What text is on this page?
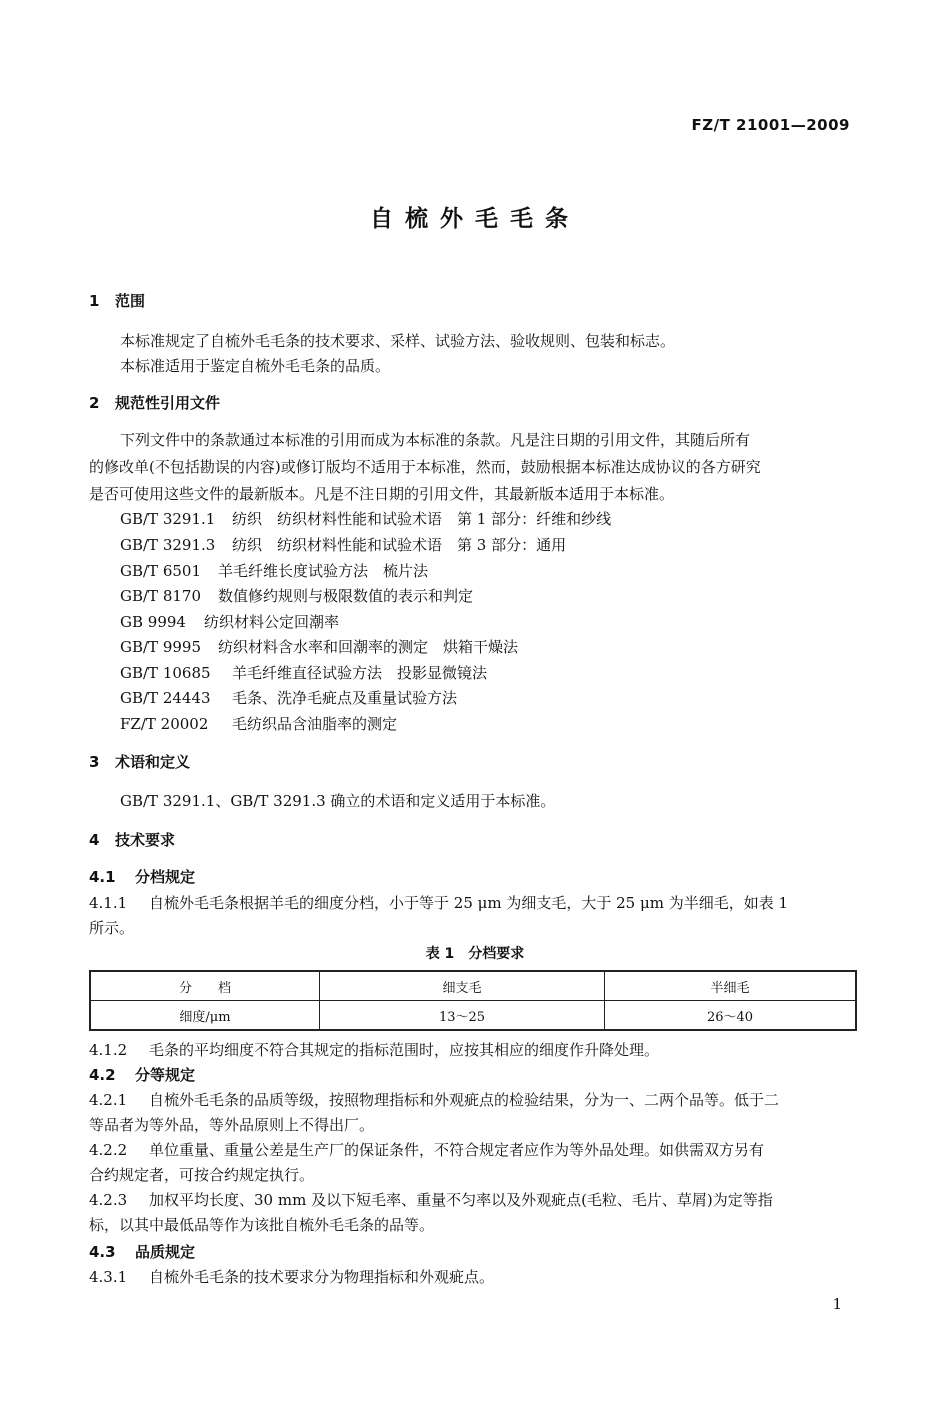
FZ/T 21001—2009
自梳外毛毛条
1 范围
本标准规定了自梳外毛毛条的技术要求、采样、试验方法、验收规则、包装和标志。
本标准适用于鉴定自梳外毛毛条的品质。
2 规范性引用文件
下列文件中的条款通过本标准的引用而成为本标准的条款。凡是注日期的引用文件，其随后所有
的修改单(不包括勘误的内容)或修订版均不适用于本标准，然而，鼓励根据本标准达成协议的各方研究
是否可使用这些文件的最新版本。凡是不注日期的引用文件，其最新版本适用于本标准。
GB/T 3291.1 纺织　纺织材料性能和试验术语　第 1 部分：纤维和纱线
GB/T 3291.3 纺织　纺织材料性能和试验术语　第 3 部分：通用
GB/T 6501 羊毛纤维长度试验方法　梳片法
GB/T 8170 数值修约规则与极限数值的表示和判定
GB 9994 纺织材料公定回潮率
GB/T 9995 纺织材料含水率和回潮率的测定　烘箱干燥法
GB/T 10685 羊毛纤维直径试验方法　投影显微镜法
GB/T 24443 毛条、洗净毛疵点及重量试验方法
FZ/T 20002 毛纺织品含油脂率的测定
3 术语和定义
GB/T 3291.1、GB/T 3291.3 确立的术语和定义适用于本标准。
4 技术要求
4.1 分档规定
4.1.1 自梳外毛毛条根据羊毛的细度分档，小于等于 25 μm 为细支毛，大于 25 μm 为半细毛，如表 1
所示。
表 1　分档要求
分　　档	细支毛	半细毛
细度/μm	13～25	26～40
4.1.2 毛条的平均细度不符合其规定的指标范围时，应按其相应的细度作升降处理。
4.2 分等规定
4.2.1 自梳外毛毛条的品质等级，按照物理指标和外观疵点的检验结果，分为一、二两个品等。低于二
等品者为等外品，等外品原则上不得出厂。
4.2.2 单位重量、重量公差是生产厂的保证条件，不符合规定者应作为等外品处理。如供需双方另有
合约规定者，可按合约规定执行。
4.2.3 加权平均长度、30 mm 及以下短毛率、重量不匀率以及外观疵点(毛粒、毛片、草屑)为定等指
标，以其中最低品等作为该批自梳外毛毛条的品等。
4.3 品质规定
4.3.1 自梳外毛毛条的技术要求分为物理指标和外观疵点。
1
